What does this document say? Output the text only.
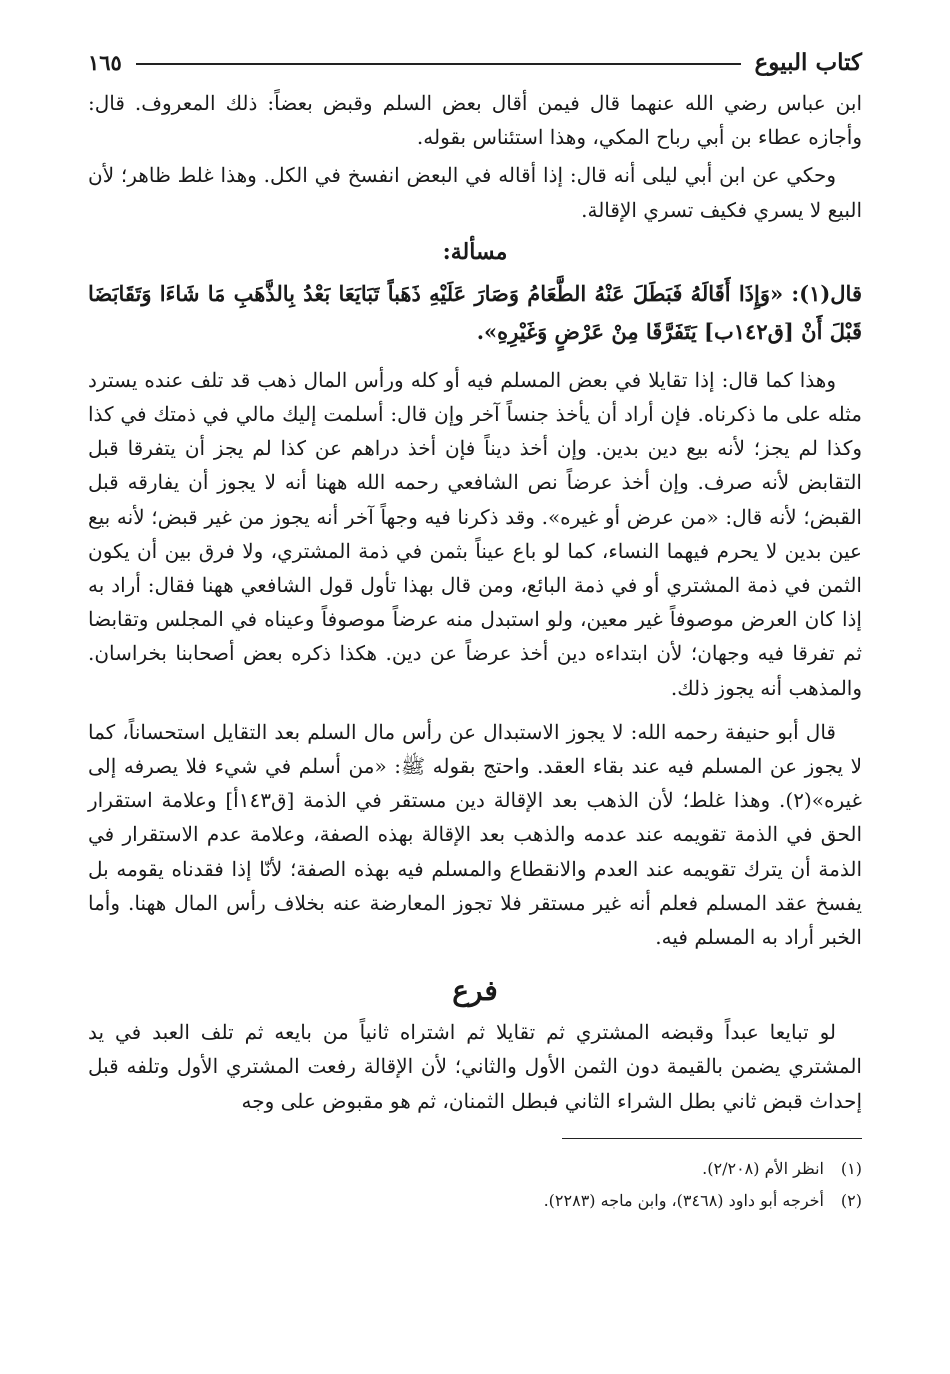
كتاب البيوع
١٦٥

ابن عباس رضي الله عنهما قال فيمن أقال بعض السلم وقبض بعضاً: ذلك المعروف. قال: وأجازه عطاء بن أبي رباح المكي، وهذا استئناس بقوله.

وحكي عن ابن أبي ليلى أنه قال: إذا أقاله في البعض انفسخ في الكل. وهذا غلط ظاهر؛ لأن البيع لا يسري فكيف تسري الإقالة.

مسألة:

قال(١): «وَإِذَا أَقَالَهُ فَبَطَلَ عَنْهُ الطَّعَامُ وَصَارَ عَلَيْهِ ذَهَباً تَبَايَعَا بَعْدُ بِالذَّهَبِ مَا شَاءَا وَتَقَابَضَا قَبْلَ أَنْ [ق١٤٢ب] يَتَفَرَّقَا مِنْ عَرْضٍ وَغَيْرِهِ».

وهذا كما قال: إذا تقايلا في بعض المسلم فيه أو كله ورأس المال ذهب قد تلف عنده يسترد مثله على ما ذكرناه. فإن أراد أن يأخذ جنساً آخر وإن قال: أسلمت إليك مالي في ذمتك في كذا وكذا لم يجز؛ لأنه بيع دين بدين. وإن أخذ ديناً فإن أخذ دراهم عن كذا لم يجز أن يتفرقا قبل التقابض لأنه صرف. وإن أخذ عرضاً نص الشافعي رحمه الله ههنا أنه لا يجوز أن يفارقه قبل القبض؛ لأنه قال: «من عرض أو غيره». وقد ذكرنا فيه وجهاً آخر أنه يجوز من غير قبض؛ لأنه بيع عين بدين لا يحرم فيهما النساء، كما لو باع عيناً بثمن في ذمة المشتري، ولا فرق بين أن يكون الثمن في ذمة المشتري أو في ذمة البائع، ومن قال بهذا تأول قول الشافعي ههنا فقال: أراد به إذا كان العرض موصوفاً غير معين، ولو استبدل منه عرضاً موصوفاً وعيناه في المجلس وتقابضا ثم تفرقا فيه وجهان؛ لأن ابتداءه دين أخذ عرضاً عن دين. هكذا ذكره بعض أصحابنا بخراسان. والمذهب أنه يجوز ذلك.

قال أبو حنيفة رحمه الله: لا يجوز الاستبدال عن رأس مال السلم بعد التقايل استحساناً، كما لا يجوز عن المسلم فيه عند بقاء العقد. واحتج بقوله ﷺ: «من أسلم في شيء فلا يصرفه إلى غيره»(٢). وهذا غلط؛ لأن الذهب بعد الإقالة دين مستقر في الذمة [ق١٤٣أ] وعلامة استقرار الحق في الذمة تقويمه عند عدمه والذهب بعد الإقالة بهذه الصفة، وعلامة عدم الاستقرار في الذمة أن يترك تقويمه عند العدم والانقطاع والمسلم فيه بهذه الصفة؛ لأنّا إذا فقدناه يقومه بل يفسخ عقد المسلم فعلم أنه غير مستقر فلا تجوز المعارضة عنه بخلاف رأس المال ههنا. وأما الخبر أراد به المسلم فيه.

فرع

لو تبايعا عبداً وقبضه المشتري ثم تقايلا ثم اشتراه ثانياً من بايعه ثم تلف العبد في يد المشتري يضمن بالقيمة دون الثمن الأول والثاني؛ لأن الإقالة رفعت المشتري الأول وتلفه قبل إحداث قبض ثاني بطل الشراء الثاني فبطل الثمنان، ثم هو مقبوض على وجه

(١)
انظر الأم (٢/٢٠٨).

(٢)
أخرجه أبو داود (٣٤٦٨)، وابن ماجه (٢٢٨٣).
